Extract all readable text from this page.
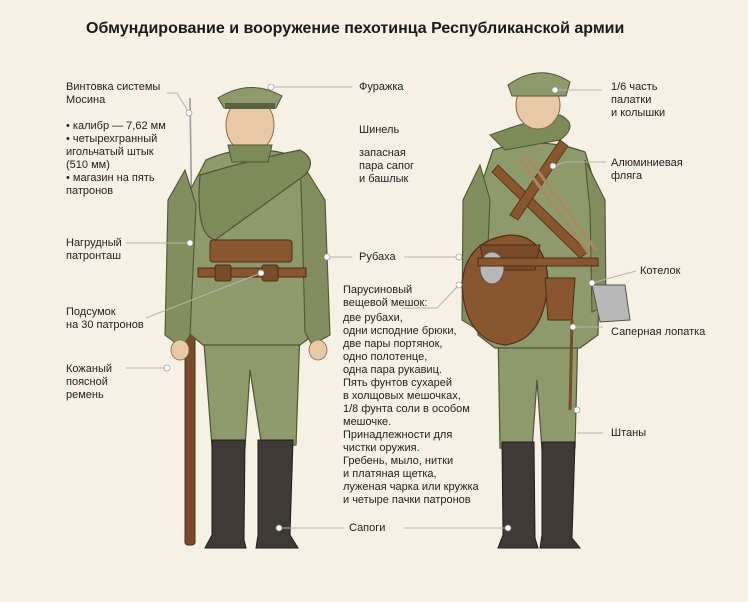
Обмундирование и вооружение пехотинца Республиканской армии
Винтовка системы
Мосина
• калибр — 7,62 мм
• четырехгранный
игольчатый штык
(510 мм)
• магазин на пять
патронов
Нагрудный
патронташ
Подсумок
на 30 патронов
Кожаный
поясной
ремень
Фуражка
Шинель
запасная
пара сапог
и башлык
Рубаха
Парусиновый
вещевой мешок:
две рубахи,
одни исподние брюки,
две пары портянок,
одно полотенце,
одна пара рукавиц.
Пять фунтов сухарей
в холщовых мешочках,
1/8 фунта соли в особом
мешочке.
Принадлежности для
чистки оружия.
Гребень, мыло, нитки
и платяная щетка,
луженая чарка или кружка
и четыре пачки патронов
Сапоги
1/6 часть
палатки
и колышки
Алюминиевая
фляга
Котелок
Саперная лопатка
Штаны
